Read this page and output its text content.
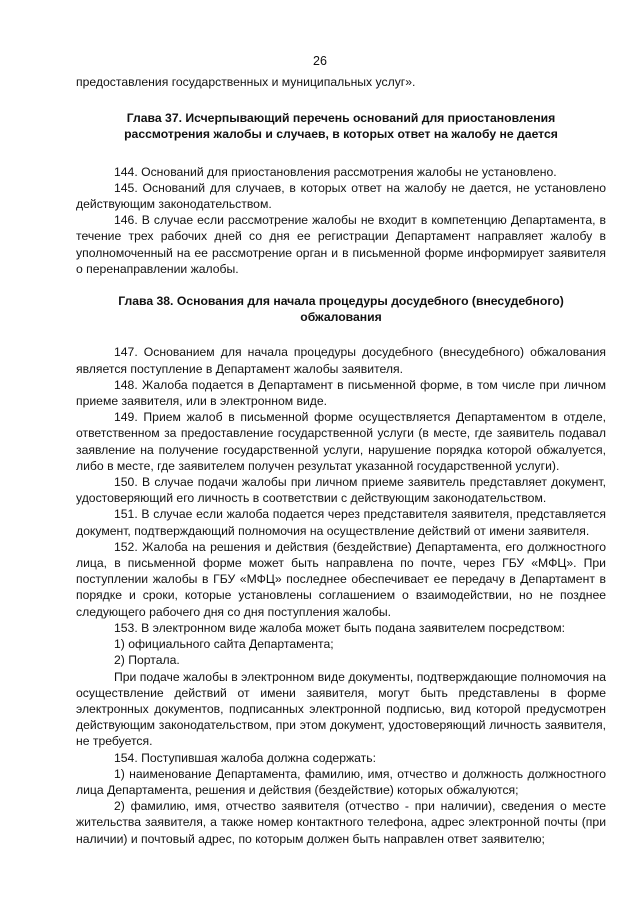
26

предоставления государственных и муниципальных услуг».

Глава 37. Исчерпывающий перечень оснований для приостановления рассмотрения жалобы и случаев, в которых ответ на жалобу не дается

144. Оснований для приостановления рассмотрения жалобы не установлено.

145. Оснований для случаев, в которых ответ на жалобу не дается, не установлено действующим законодательством.

146. В случае если рассмотрение жалобы не входит в компетенцию Департамента, в течение трех рабочих дней со дня ее регистрации Департамент направляет жалобу в уполномоченный на ее рассмотрение орган и в письменной форме информирует заявителя о перенаправлении жалобы.

Глава 38. Основания для начала процедуры досудебного (внесудебного) обжалования

147. Основанием для начала процедуры досудебного (внесудебного) обжалования является поступление в Департамент жалобы заявителя.

148. Жалоба подается в Департамент в письменной форме, в том числе при личном приеме заявителя, или в электронном виде.

149. Прием жалоб в письменной форме осуществляется Департаментом в отделе, ответственном за предоставление государственной услуги (в месте, где заявитель подавал заявление на получение государственной услуги, нарушение порядка которой обжалуется, либо в месте, где заявителем получен результат указанной государственной услуги).

150. В случае подачи жалобы при личном приеме заявитель представляет документ, удостоверяющий его личность в соответствии с действующим законодательством.

151. В случае если жалоба подается через представителя заявителя, представляется документ, подтверждающий полномочия на осуществление действий от имени заявителя.

152. Жалоба на решения и действия (бездействие) Департамента, его должностного лица, в письменной форме может быть направлена по почте, через ГБУ «МФЦ». При поступлении жалобы в ГБУ «МФЦ» последнее обеспечивает ее передачу в Департамент в порядке и сроки, которые установлены соглашением о взаимодействии, но не позднее следующего рабочего дня со дня поступления жалобы.

153. В электронном виде жалоба может быть подана заявителем посредством:

1) официального сайта Департамента;

2) Портала.

При подаче жалобы в электронном виде документы, подтверждающие полномочия на осуществление действий от имени заявителя, могут быть представлены в форме электронных документов, подписанных электронной подписью, вид которой предусмотрен действующим законодательством, при этом документ, удостоверяющий личность заявителя, не требуется.

154. Поступившая жалоба должна содержать:

1) наименование Департамента, фамилию, имя, отчество и должность должностного лица Департамента, решения и действия (бездействие) которых обжалуются;

2) фамилию, имя, отчество заявителя (отчество - при наличии), сведения о месте жительства заявителя, а также номер контактного телефона, адрес электронной почты (при наличии) и почтовый адрес, по которым должен быть направлен ответ заявителю;
